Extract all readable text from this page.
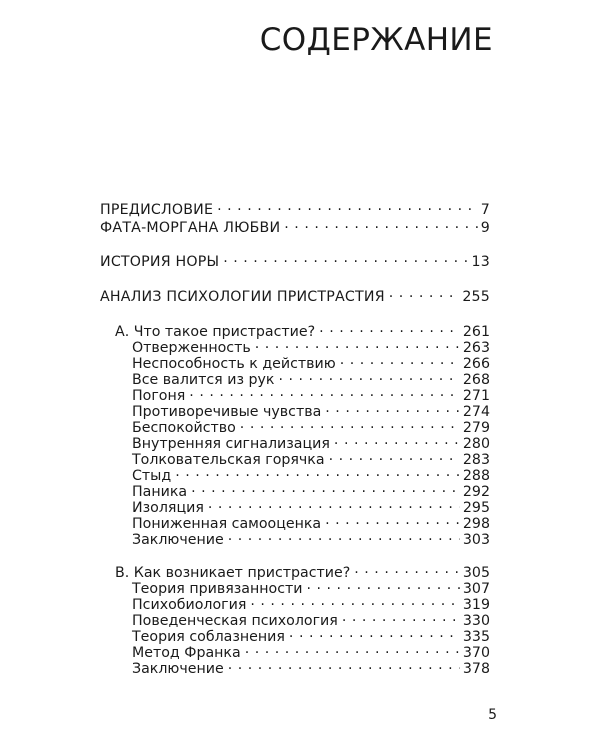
СОДЕРЖАНИЕ
ПРЕДИСЛОВИЕ . . .	7
ФАТА-МОРГАНА ЛЮБВИ . . .	9
ИСТОРИЯ НОРЫ . . .	13
АНАЛИЗ ПСИХОЛОГИИ ПРИСТРАСТИЯ . . .	255
А. Что такое пристрастие? . . .	261
Отверженность . . .	263
Неспособность к действию . . .	266
Все валится из рук . . .	268
Погоня . . .	271
Противоречивые чувства . . .	274
Беспокойство . . .	279
Внутренняя сигнализация . . .	280
Толковательская горячка . . .	283
Стыд . . .	288
Паника . . .	292
Изоляция . . .	295
Пониженная самооценка . . .	298
Заключение . . .	303
В. Как возникает пристрастие? . . .	305
Теория привязанности . . .	307
Психобиология . . .	319
Поведенческая психология . . .	330
Теория соблазнения . . .	335
Метод Франка . . .	370
Заключение . . .	378
5
